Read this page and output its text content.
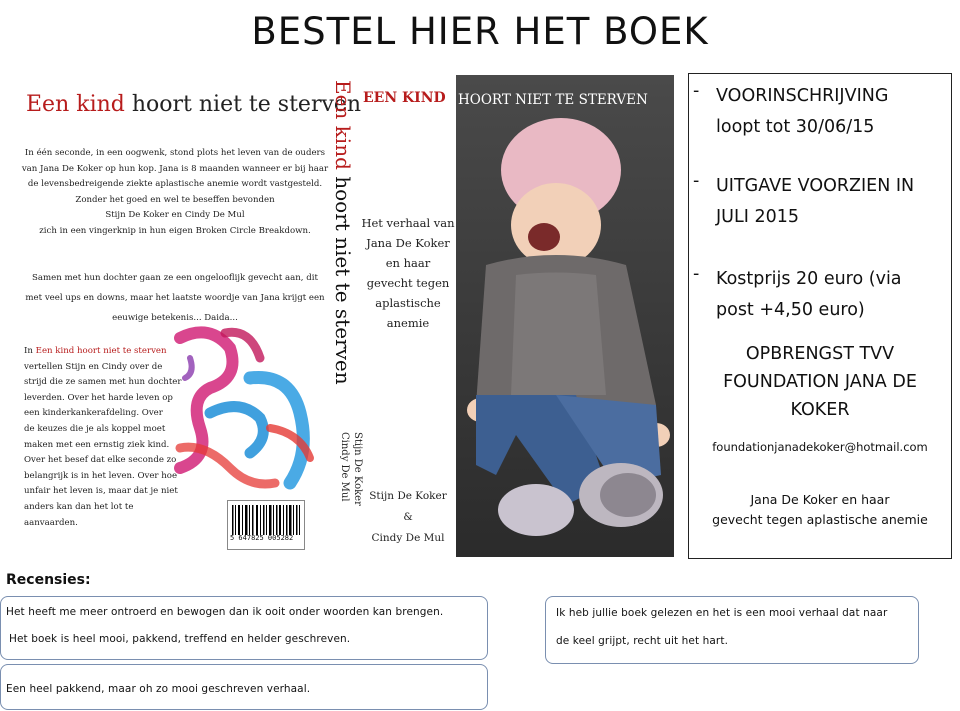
BESTEL HIER HET BOEK
Een kind hoort niet te sterven
In één seconde, in een oogwenk, stond plots het leven van de ouders
van Jana De Koker op hun kop. Jana is 8 maanden wanneer er bij haar
de levensbedreigende ziekte aplastische anemie wordt vastgesteld.
Zonder het goed en wel te beseffen bevonden
Stijn De Koker en Cindy De Mul
zich in een vingerknip in hun eigen Broken Circle Breakdown.
Samen met hun dochter gaan ze een ongelooflijk gevecht aan, dit
met veel ups en downs, maar het laatste woordje van Jana krijgt een
eeuwige betekenis... Daida...
In Een kind hoort niet te sterven
vertellen Stijn en Cindy over de
strijd die ze samen met hun dochter
leverden. Over het harde leven op
een kinderkankerafdeling. Over
de keuzes die je als koppel moet
maken met een ernstig ziek kind.
Over het besef dat elke seconde zo
belangrijk is in het leven. Over hoe
unfair het leven is, maar dat je niet
anders kan dan het lot te aanvaarden.
5 647825 005282
Een kind hoort niet te sterven
Stijn De Koker
Cindy De Mul
EEN KIND
Het verhaal van
Jana De Koker
en haar
gevecht tegen
aplastische
anemie
Stijn De Koker
&
Cindy De Mul
HOORT NIET TE STERVEN	- VOORINSCHRIJVING
loopt tot 30/06/15
- UITGAVE VOORZIEN IN
JULI 2015
- Kostprijs 20 euro (via
post +4,50 euro)
OPBRENGST TVV
FOUNDATION JANA DE
KOKER
foundationjanadekoker@hotmail.com
Jana De Koker en haar
gevecht tegen aplastische anemie
Recensies:
Het heeft me meer ontroerd en bewogen dan ik ooit onder woorden kan brengen.
Het boek is heel mooi, pakkend, treffend en helder geschreven.
Een heel pakkend, maar oh zo mooi geschreven verhaal.
Ik heb jullie boek gelezen en het is een mooi verhaal dat naar
de keel grijpt, recht uit het hart.
